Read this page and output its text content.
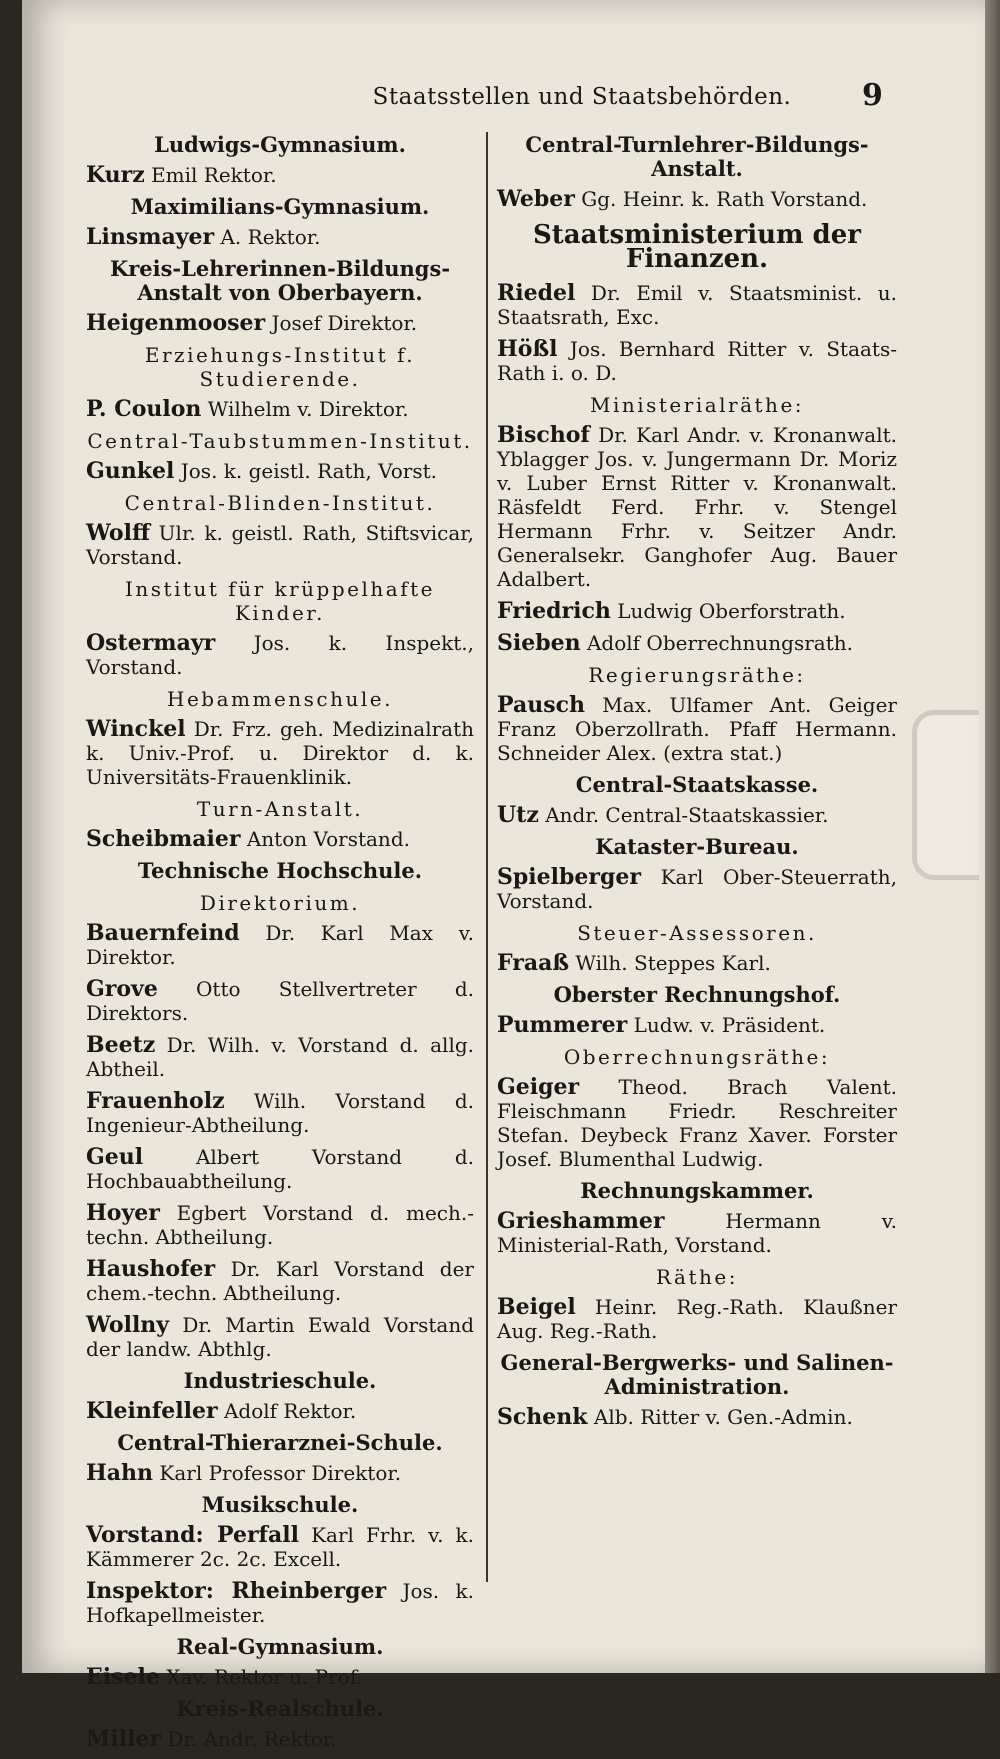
Staatsstellen und Staatsbehörden.	9
Ludwigs-Gymnasium.
Kurz Emil Rektor.
Maximilians-Gymnasium.
Linsmayer A. Rektor.
Kreis-Lehrerinnen-Bildungs-Anstalt von Oberbayern.
Heigenmooser Josef Direktor.
Erziehungs-Institut f. Studierende.
P. Coulon Wilhelm v. Direktor.
Central-Taubstummen-Institut.
Gunkel Jos. k. geistl. Rath, Vorst.
Central-Blinden-Institut.
Wolff Ulr. k. geistl. Rath, Stiftsvicar, Vorstand.
Institut für krüppelhafte Kinder.
Ostermayr Jos. k. Inspekt., Vorstand.
Hebammenschule.
Winckel Dr. Frz. geh. Medizinalrath k. Univ.-Prof. u. Direktor d. k. Universitäts-Frauenklinik.
Turn-Anstalt.
Scheibmaier Anton Vorstand.
Technische Hochschule.
Direktorium.
Bauernfeind Dr. Karl Max v. Direktor.
Grove Otto Stellvertreter d. Direktors.
Beetz Dr. Wilh. v. Vorstand d. allg. Abtheil.
Frauenholz Wilh. Vorstand d. Ingenieur-Abtheilung.
Geul Albert Vorstand d. Hochbauabtheilung.
Hoyer Egbert Vorstand d. mech.-techn. Abtheilung.
Haushofer Dr. Karl Vorstand der chem.-techn. Abtheilung.
Wollny Dr. Martin Ewald Vorstand der landw. Abthlg.
Industrieschule.
Kleinfeller Adolf Rektor.
Central-Thierarznei-Schule.
Hahn Karl Professor Direktor.
Musikschule.
Vorstand: Perfall Karl Frhr. v. k. Kämmerer 2c. 2c. Excell.
Inspektor: Rheinberger Jos. k. Hofkapellmeister.
Real-Gymnasium.
Eisele Xav. Rektor u. Prof.
Kreis-Realschule.
Miller Dr. Andr. Rektor.
Central-Turnlehrer-Bildungs-Anstalt.
Weber Gg. Heinr. k. Rath Vorstand.
Staatsministerium der Finanzen.
Riedel Dr. Emil v. Staatsminist. u. Staatsrath, Exc.
Hößl Jos. Bernhard Ritter v. Staats-Rath i. o. D.
Ministerialräthe:
Bischof Dr. Karl Andr. v. Kronanwalt. Yblagger Jos. v. Jungermann Dr. Moriz v. Luber Ernst Ritter v. Kronanwalt. Räsfeldt Ferd. Frhr. v. Stengel Hermann Frhr. v. Seitzer Andr. Generalsekr. Ganghofer Aug. Bauer Adalbert.
Friedrich Ludwig Oberforstrath.
Sieben Adolf Oberrechnungsrath.
Regierungsräthe:
Pausch Max. Ulfamer Ant. Geiger Franz Oberzollrath. Pfaff Hermann. Schneider Alex. (extra stat.)
Central-Staatskasse.
Utz Andr. Central-Staatskassier.
Kataster-Bureau.
Spielberger Karl Ober-Steuerrath, Vorstand.
Steuer-Assessoren.
Fraaß Wilh. Steppes Karl.
Oberster Rechnungshof.
Pummerer Ludw. v. Präsident.
Oberrechnungsräthe:
Geiger Theod. Brach Valent. Fleischmann Friedr. Reschreiter Stefan. Deybeck Franz Xaver. Forster Josef. Blumenthal Ludwig.
Rechnungskammer.
Grieshammer Hermann v. Ministerial-Rath, Vorstand.
Räthe:
Beigel Heinr. Reg.-Rath. Klaußner Aug. Reg.-Rath.
General-Bergwerks- und Salinen-Administration.
Schenk Alb. Ritter v. Gen.-Admin.
